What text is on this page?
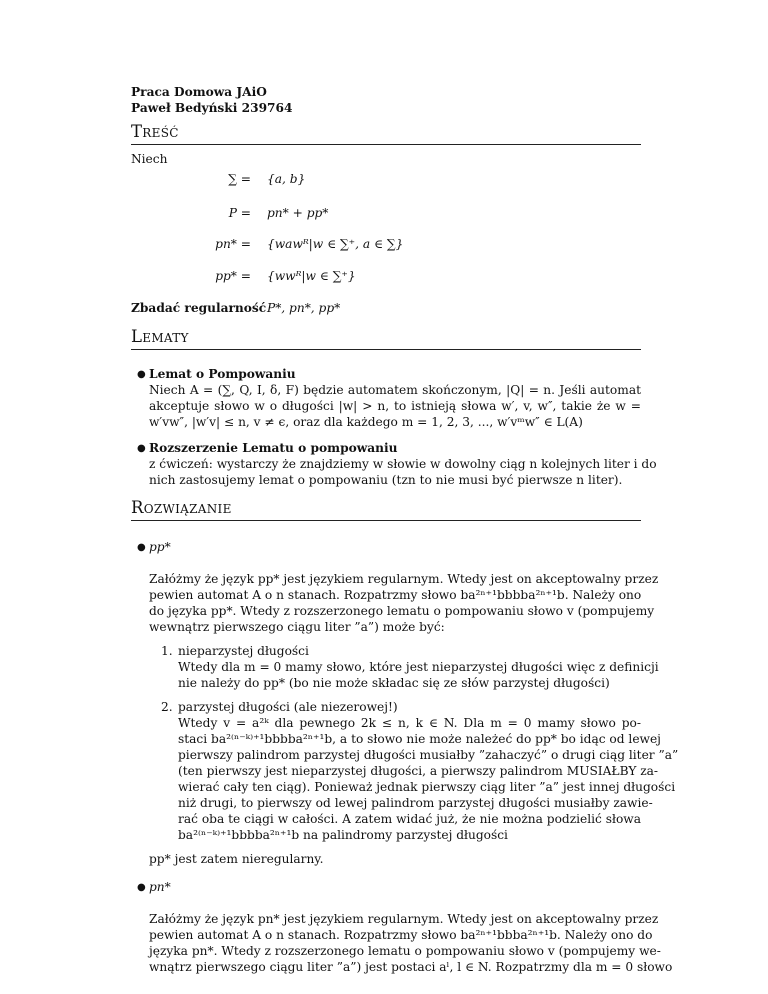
Praca Domowa JAiO
Paweł Bedyński 239764
Treść
Niech
∑ = {a, b}
P = pn* + pp*
pn* = {wawᴿ|w ∈ ∑⁺, a ∈ ∑}
pp* = {wwᴿ|w ∈ ∑⁺}
Zbadać regularność P*, pn*, pp*
Lematy
● Lemat o Pompowaniu
Niech A = (∑, Q, I, δ, F) będzie automatem skończonym, |Q| = n. Jeśli automat
akceptuje słowo w o długości |w| > n, to istnieją słowa w′, v, w″, takie że w =
w′vw″, |w′v| ≤ n, v ≠ ϵ, oraz dla każdego m = 1, 2, 3, ..., w′vᵐw″ ∈ L(A)
● Rozszerzenie Lematu o pompowaniu
z ćwiczeń: wystarczy że znajdziemy w słowie w dowolny ciąg n kolejnych liter i do
nich zastosujemy lemat o pompowaniu (tzn to nie musi być pierwsze n liter).
Rozwiązanie
● pp*
Załóżmy że język pp* jest językiem regularnym. Wtedy jest on akceptowalny przez
pewien automat A o n stanach. Rozpatrzmy słowo ba²ⁿ⁺¹bbbba²ⁿ⁺¹b. Należy ono
do języka pp*. Wtedy z rozszerzonego lematu o pompowaniu słowo v (pompujemy
wewnątrz pierwszego ciągu liter ”a”) może być:
1. nieparzystej długości
Wtedy dla m = 0 mamy słowo, które jest nieparzystej długości więc z definicji
nie należy do pp* (bo nie może składac się ze słów parzystej długości)
2. parzystej długości (ale niezerowej!)
Wtedy v = a²ᵏ dla pewnego 2k ≤ n, k ∈ N. Dla m = 0 mamy słowo po-
staci ba²⁽ⁿ⁻ᵏ⁾⁺¹bbbba²ⁿ⁺¹b, a to słowo nie może należeć do pp* bo idąc od lewej
pierwszy palindrom parzystej długości musiałby ”zahaczyć” o drugi ciąg liter ”a”
(ten pierwszy jest nieparzystej długości, a pierwszy palindrom MUSIAŁBY za-
wierać cały ten ciąg). Ponieważ jednak pierwszy ciąg liter ”a” jest innej długości
niż drugi, to pierwszy od lewej palindrom parzystej długości musiałby zawie-
rać oba te ciągi w całości. A zatem widać już, że nie można podzielić słowa
ba²⁽ⁿ⁻ᵏ⁾⁺¹bbbba²ⁿ⁺¹b na palindromy parzystej długości
pp* jest zatem nieregularny.
● pn*
Załóżmy że język pn* jest językiem regularnym. Wtedy jest on akceptowalny przez
pewien automat A o n stanach. Rozpatrzmy słowo ba²ⁿ⁺¹bbba²ⁿ⁺¹b. Należy ono do
języka pn*. Wtedy z rozszerzonego lematu o pompowaniu słowo v (pompujemy we-
wnątrz pierwszego ciągu liter ”a”) jest postaci aˡ, l ∈ N. Rozpatrzmy dla m = 0 słowo
